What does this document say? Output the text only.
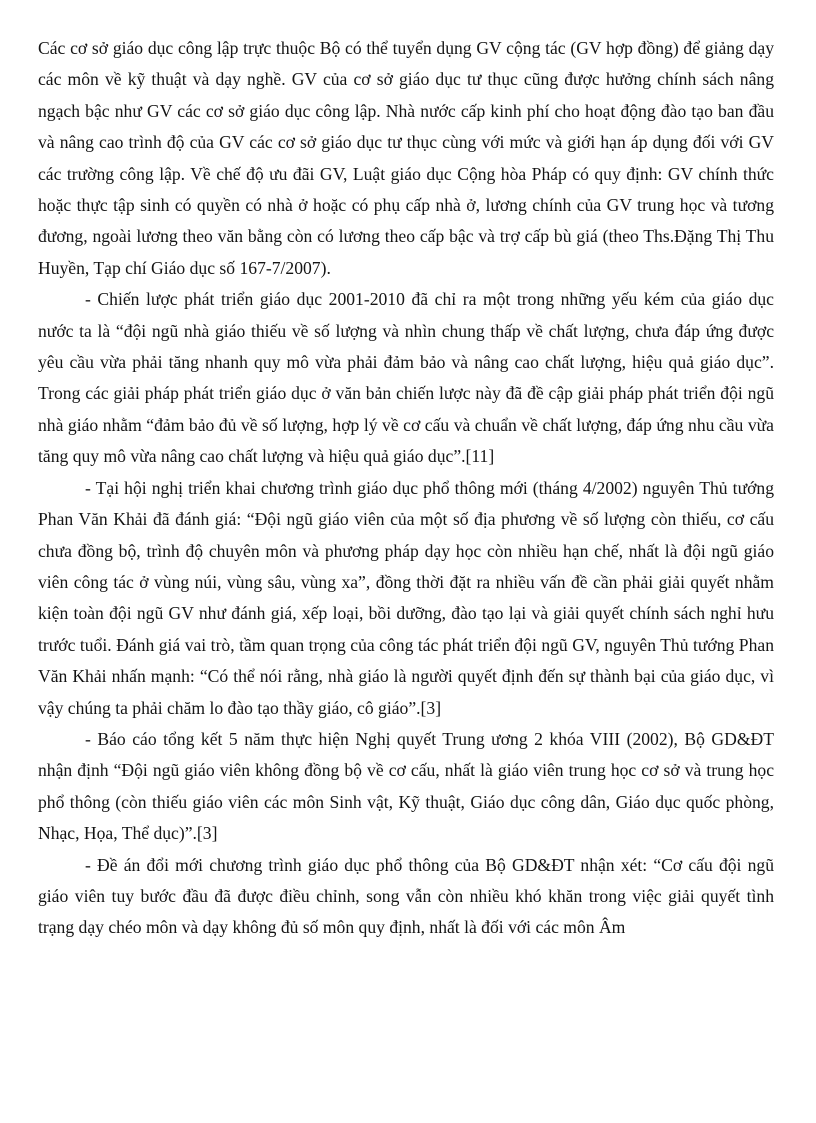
Các cơ sở giáo dục công lập trực thuộc Bộ có thể tuyển dụng GV cộng tác (GV hợp đồng) để giảng dạy các môn về kỹ thuật và dạy nghề. GV của cơ sở giáo dục tư thục cũng được hưởng chính sách nâng ngạch bậc như GV các cơ sở giáo dục công lập. Nhà nước cấp kinh phí cho hoạt động đào tạo ban đầu và nâng cao trình độ của GV các cơ sở giáo dục tư thục cùng với mức và giới hạn áp dụng đối với GV các trường công lập. Về chế độ ưu đãi GV, Luật giáo dục Cộng hòa Pháp có quy định: GV chính thức hoặc thực tập sinh có quyền có nhà ở hoặc có phụ cấp nhà ở, lương chính của GV trung học và tương đương, ngoài lương theo văn bằng còn có lương theo cấp bậc và trợ cấp bù giá (theo Ths.Đặng Thị Thu Huyền, Tạp chí Giáo dục số 167-7/2007).

- Chiến lược phát triển giáo dục 2001-2010 đã chỉ ra một trong những yếu kém của giáo dục nước ta là “đội ngũ nhà giáo thiếu về số lượng và nhìn chung thấp về chất lượng, chưa đáp ứng được yêu cầu vừa phải tăng nhanh quy mô vừa phải đảm bảo và nâng cao chất lượng, hiệu quả giáo dục”. Trong các giải pháp phát triển giáo dục ở văn bản chiến lược này đã đề cập giải pháp phát triển đội ngũ nhà giáo nhằm “đảm bảo đủ về số lượng, hợp lý về cơ cấu và chuẩn về chất lượng, đáp ứng nhu cầu vừa tăng quy mô vừa nâng cao chất lượng và hiệu quả giáo dục”.[11]

- Tại hội nghị triển khai chương trình giáo dục phổ thông mới (tháng 4/2002) nguyên Thủ tướng Phan Văn Khải đã đánh giá: “Đội ngũ giáo viên của một số địa phương về số lượng còn thiếu, cơ cấu chưa đồng bộ, trình độ chuyên môn và phương pháp dạy học còn nhiều hạn chế, nhất là đội ngũ giáo viên công tác ở vùng núi, vùng sâu, vùng xa”, đồng thời đặt ra nhiều vấn đề cần phải giải quyết nhằm kiện toàn đội ngũ GV như đánh giá, xếp loại, bồi dưỡng, đào tạo lại và giải quyết chính sách nghỉ hưu trước tuổi. Đánh giá vai trò, tầm quan trọng của công tác phát triển đội ngũ GV, nguyên Thủ tướng Phan Văn Khải nhấn mạnh: “Có thể nói rằng, nhà giáo là người quyết định đến sự thành bại của giáo dục, vì vậy chúng ta phải chăm lo đào tạo thầy giáo, cô giáo”.[3]

- Báo cáo tổng kết 5 năm thực hiện Nghị quyết Trung ương 2 khóa VIII (2002), Bộ GD&ĐT nhận định “Đội ngũ giáo viên không đồng bộ về cơ cấu, nhất là giáo viên trung học cơ sở và trung học phổ thông (còn thiếu giáo viên các môn Sinh vật, Kỹ thuật, Giáo dục công dân, Giáo dục quốc phòng, Nhạc, Họa, Thể dục)”.[3]

- Đề án đổi mới chương trình giáo dục phổ thông của Bộ GD&ĐT nhận xét: “Cơ cấu đội ngũ giáo viên tuy bước đầu đã được điều chỉnh, song vẫn còn nhiều khó khăn trong việc giải quyết tình trạng dạy chéo môn và dạy không đủ số môn quy định, nhất là đối với các môn Âm
